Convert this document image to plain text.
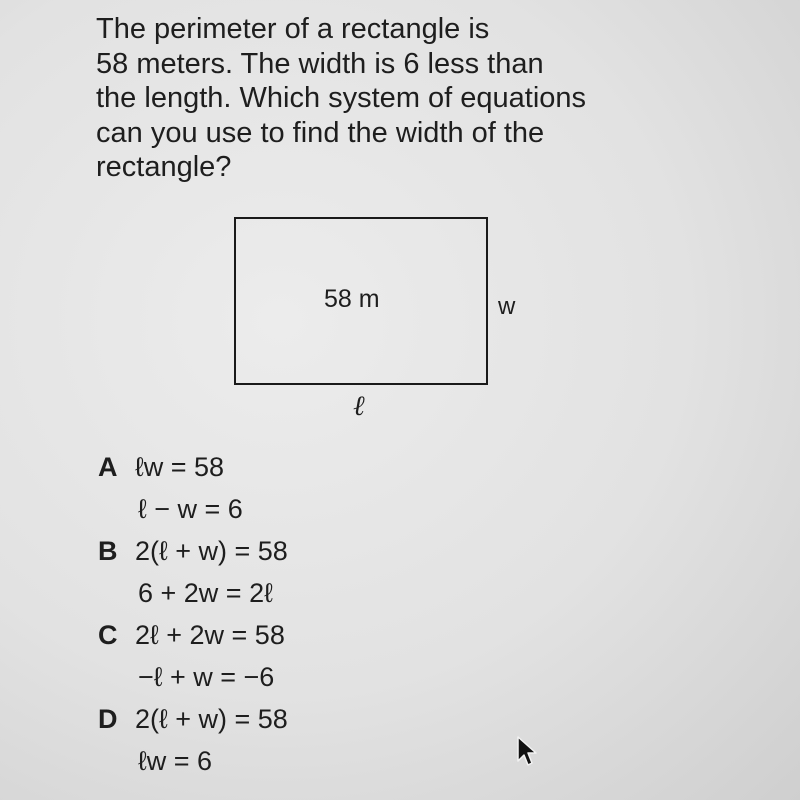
The perimeter of a rectangle is
58 meters. The width is 6 less than
the length. Which system of equations
can you use to find the width of the
rectangle?
58 m	w
ℓ
A ℓw = 58
ℓ − w = 6
B 2(ℓ + w) = 58
6 + 2w = 2ℓ
C 2ℓ + 2w = 58
−ℓ + w = −6
D 2(ℓ + w) = 58
ℓw = 6
